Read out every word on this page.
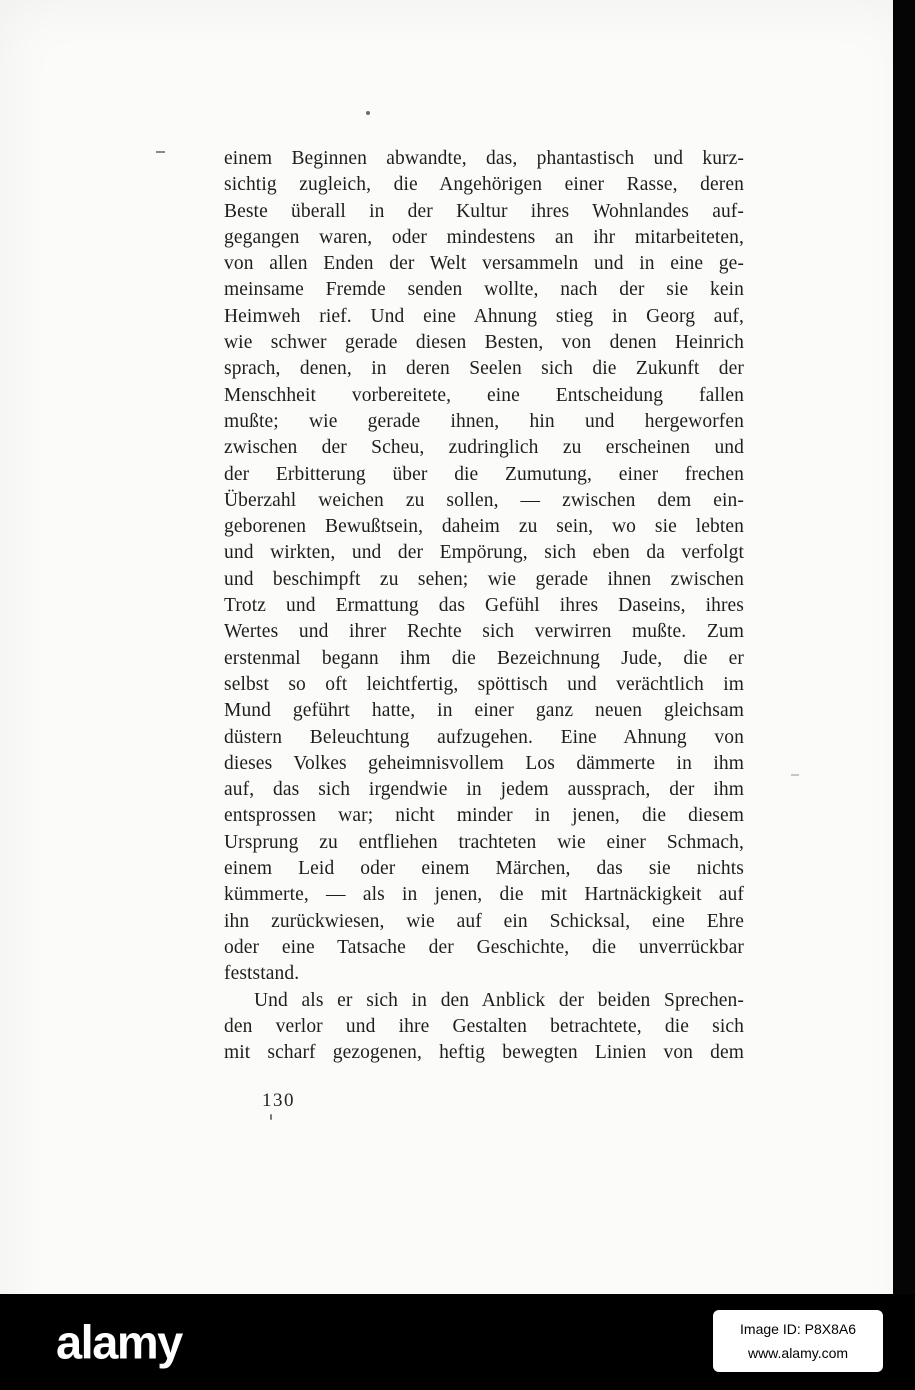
einem Beginnen abwandte, das, phantastisch und kurz-
sichtig zugleich, die Angehörigen einer Rasse, deren
Beste überall in der Kultur ihres Wohnlandes auf-
gegangen waren, oder mindestens an ihr mitarbeiteten,
von allen Enden der Welt versammeln und in eine ge-
meinsame Fremde senden wollte, nach der sie kein
Heimweh rief. Und eine Ahnung stieg in Georg auf,
wie schwer gerade diesen Besten, von denen Heinrich
sprach, denen, in deren Seelen sich die Zukunft der
Menschheit vorbereitete, eine Entscheidung fallen
mußte; wie gerade ihnen, hin und hergeworfen
zwischen der Scheu, zudringlich zu erscheinen und
der Erbitterung über die Zumutung, einer frechen
Überzahl weichen zu sollen, — zwischen dem ein-
geborenen Bewußtsein, daheim zu sein, wo sie lebten
und wirkten, und der Empörung, sich eben da verfolgt
und beschimpft zu sehen; wie gerade ihnen zwischen
Trotz und Ermattung das Gefühl ihres Daseins, ihres
Wertes und ihrer Rechte sich verwirren mußte. Zum
erstenmal begann ihm die Bezeichnung Jude, die er
selbst so oft leichtfertig, spöttisch und verächtlich im
Mund geführt hatte, in einer ganz neuen gleichsam
düstern Beleuchtung aufzugehen. Eine Ahnung von
dieses Volkes geheimnisvollem Los dämmerte in ihm
auf, das sich irgendwie in jedem aussprach, der ihm
entsprossen war; nicht minder in jenen, die diesem
Ursprung zu entfliehen trachteten wie einer Schmach,
einem Leid oder einem Märchen, das sie nichts
kümmerte, — als in jenen, die mit Hartnäckigkeit auf
ihn zurückwiesen, wie auf ein Schicksal, eine Ehre
oder eine Tatsache der Geschichte, die unverrückbar
feststand.
Und als er sich in den Anblick der beiden Sprechen-
den verlor und ihre Gestalten betrachtete, die sich
mit scharf gezogenen, heftig bewegten Linien von dem
130
alamy	Image ID: P8X8A6
www.alamy.com
